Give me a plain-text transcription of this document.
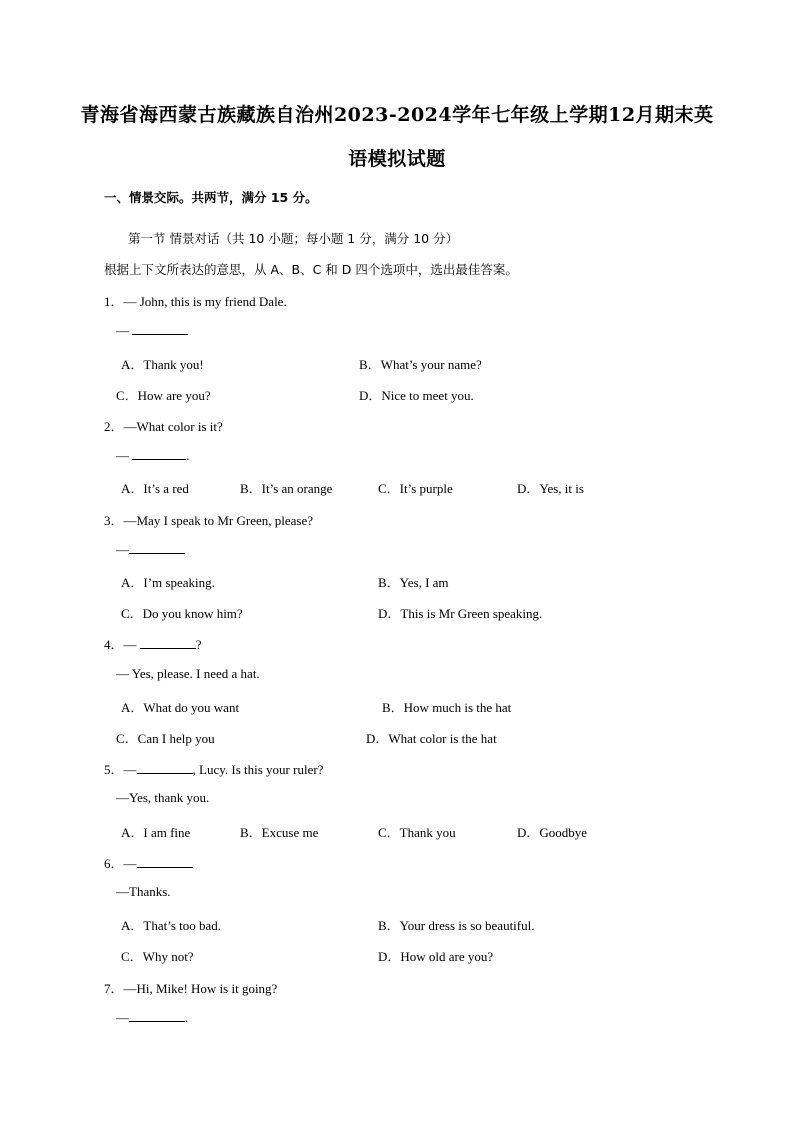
青海省海西蒙古族藏族自治州2023-2024学年七年级上学期12月期末英
语模拟试题
一、情景交际。共两节，满分 15 分。
第一节 情景对话（共 10 小题；每小题 1 分，满分 10 分）
根据上下文所表达的意思，从 A、B、C 和 D 四个选项中，选出最佳答案。
1．— John, this is my friend Dale.
—
A．Thank you!	B．What’s your name?
C．How are you?	D．Nice to meet you.
2．—What color is it?
—	.
A．It’s a red	B．It’s an orange	C．It’s purple	D．Yes, it is
3．—May I speak to Mr Green, please?
—
A．I’m speaking.	B．Yes, I am
C．Do you know him?	D．This is Mr Green speaking.
4．—	?
— Yes, please. I need a hat.
A．What do you want	B．How much is the hat
C．Can I help you	D．What color is the hat
5．—	, Lucy. Is this your ruler?
—Yes, thank you.
A．I am fine	B．Excuse me	C．Thank you	D．Goodbye
6．—
—Thanks.
A．That’s too bad.	B．Your dress is so beautiful.
C．Why not?	D．How old are you?
7．—Hi, Mike! How is it going?
—	.
